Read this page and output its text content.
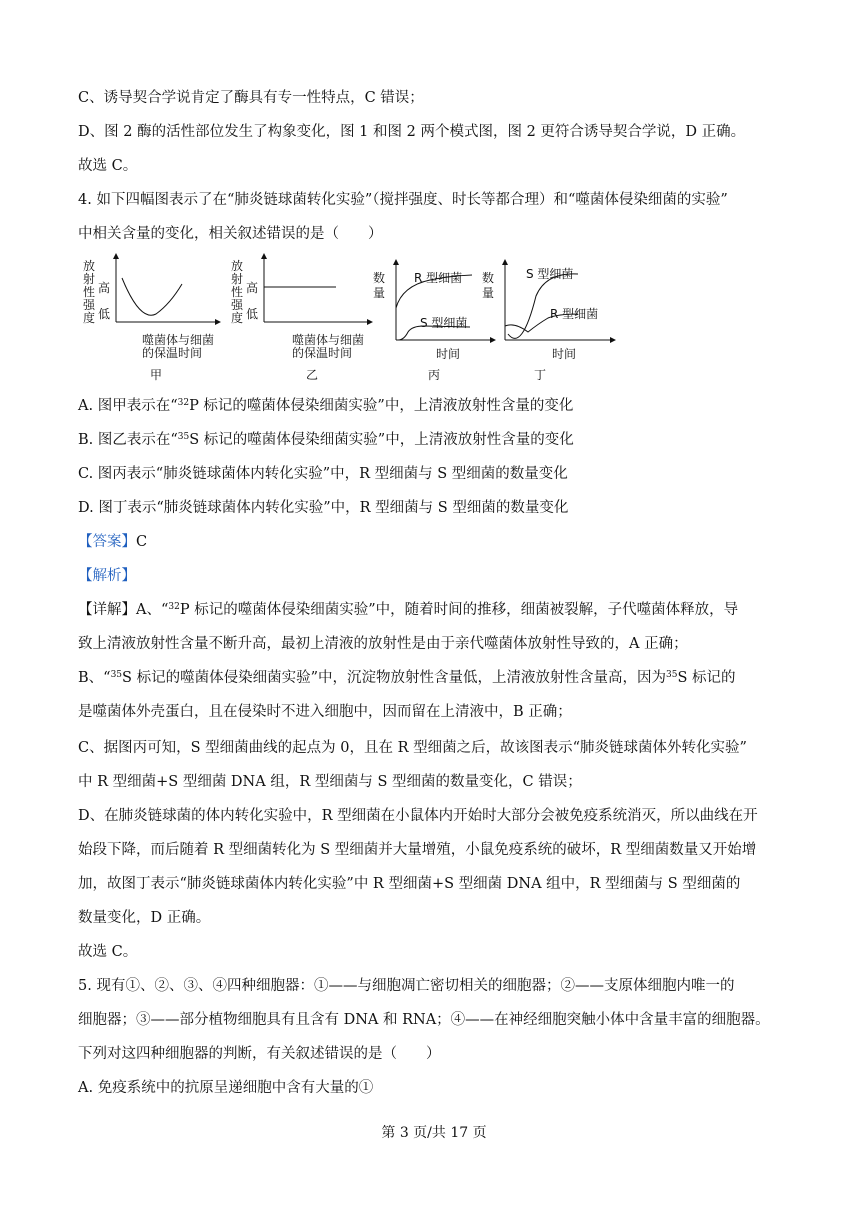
C、诱导契合学说肯定了酶具有专一性特点，C 错误；
D、图 2 酶的活性部位发生了构象变化，图 1 和图 2 两个模式图，图 2 更符合诱导契合学说，D 正确。
故选 C。
4. 如下四幅图表示了在“肺炎链球菌转化实验”（搅拌强度、时长等都合理）和“噬菌体侵染细菌的实验”
中相关含量的变化，相关叙述错误的是（　　）
放
射
性
强
度
高
低
噬菌体与细菌
的保温时间
甲
放
射
性
强
度
高
低
噬菌体与细菌
的保温时间
乙
数
量
R 型细菌
S 型细菌
时间
丙
数
量
S 型细菌
R 型细菌
时间
丁
A. 图甲表示在“$^{32}$P 标记的噬菌体侵染细菌实验”中，上清液放射性含量的变化
B. 图乙表示在“$^{35}$S 标记的噬菌体侵染细菌实验”中，上清液放射性含量的变化
C. 图丙表示“肺炎链球菌体内转化实验”中，R 型细菌与 S 型细菌的数量变化
D. 图丁表示“肺炎链球菌体内转化实验”中，R 型细菌与 S 型细菌的数量变化
【答案】C
【解析】
【详解】A、“$^{32}$P 标记的噬菌体侵染细菌实验”中，随着时间的推移，细菌被裂解，子代噬菌体释放，导
致上清液放射性含量不断升高，最初上清液的放射性是由于亲代噬菌体放射性导致的，A 正确；
B、“$^{35}$S 标记的噬菌体侵染细菌实验”中，沉淀物放射性含量低，上清液放射性含量高，因为$^{35}$S 标记的
是噬菌体外壳蛋白，且在侵染时不进入细胞中，因而留在上清液中，B 正确；
C、据图丙可知，S 型细菌曲线的起点为 0，且在 R 型细菌之后，故该图表示“肺炎链球菌体外转化实验”
中 R 型细菌+S 型细菌 DNA 组，R 型细菌与 S 型细菌的数量变化，C 错误；
D、在肺炎链球菌的体内转化实验中，R 型细菌在小鼠体内开始时大部分会被免疫系统消灭，所以曲线在开
始段下降，而后随着 R 型细菌转化为 S 型细菌并大量增殖，小鼠免疫系统的破坏，R 型细菌数量又开始增
加，故图丁表示“肺炎链球菌体内转化实验”中 R 型细菌+S 型细菌 DNA 组中，R 型细菌与 S 型细菌的
数量变化，D 正确。
故选 C。
5. 现有①、②、③、④四种细胞器：①——与细胞凋亡密切相关的细胞器；②——支原体细胞内唯一的
细胞器；③——部分植物细胞具有且含有 DNA 和 RNA；④——在神经细胞突触小体中含量丰富的细胞器。
下列对这四种细胞器的判断，有关叙述错误的是（　　）
A. 免疫系统中的抗原呈递细胞中含有大量的①
第 3 页/共 17 页
